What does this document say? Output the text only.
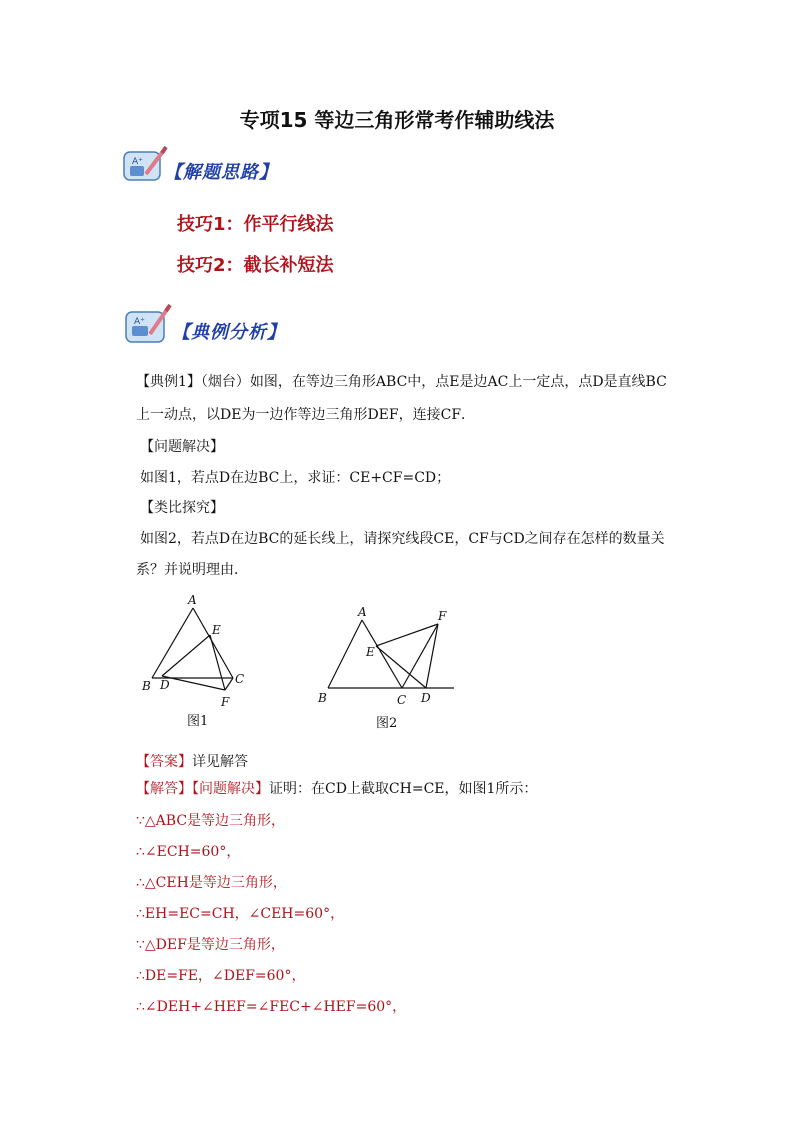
专项15 等边三角形常考作辅助线法
A⁺ 【解题思路】
技巧1：作平行线法
技巧2：截长补短法
A⁺ 【典例分析】
【典例1】（烟台）如图，在等边三角形ABC中，点E是边AC上一定点，点D是直线BC
上一动点，以DE为一边作等边三角形DEF，连接CF．
【问题解决】
如图1，若点D在边BC上，求证：CE+CF=CD；
【类比探究】
如图2，若点D在边BC的延长线上，请探究线段CE，CF与CD之间存在怎样的数量关
系？并说明理由．
A
E
C
B D
F
图1
A	F
E
B	C D
图2
【答案】详见解答
【解答】【问题解决】证明：在CD上截取CH=CE，如图1所示：
∵△ABC是等边三角形，
∴∠ECH=60°，
∴△CEH是等边三角形，
∴EH=EC=CH，∠CEH=60°，
∵△DEF是等边三角形，
∴DE=FE，∠DEF=60°，
∴∠DEH+∠HEF=∠FEC+∠HEF=60°，
